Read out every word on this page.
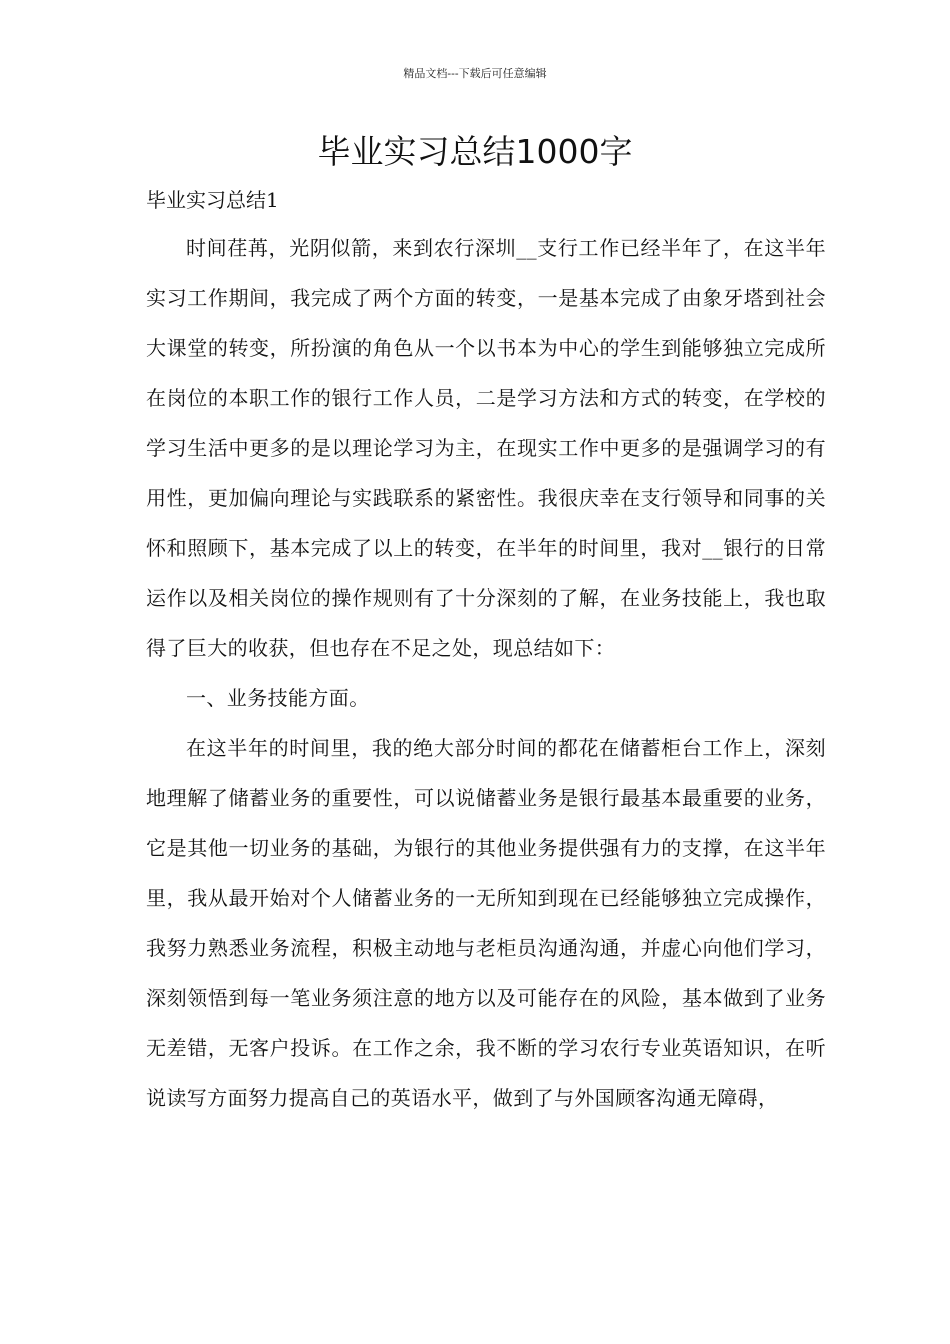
精品文档---下载后可任意编辑
毕业实习总结1000字
毕业实习总结1

时间荏苒，光阴似箭，来到农行深圳__支行工作已经半年了，在这半年实习工作期间，我完成了两个方面的转变，一是基本完成了由象牙塔到社会大课堂的转变，所扮演的角色从一个以书本为中心的学生到能够独立完成所在岗位的本职工作的银行工作人员，二是学习方法和方式的转变，在学校的学习生活中更多的是以理论学习为主，在现实工作中更多的是强调学习的有用性，更加偏向理论与实践联系的紧密性。我很庆幸在支行领导和同事的关怀和照顾下，基本完成了以上的转变，在半年的时间里，我对__银行的日常运作以及相关岗位的操作规则有了十分深刻的了解，在业务技能上，我也取得了巨大的收获，但也存在不足之处，现总结如下：

一、业务技能方面。

在这半年的时间里，我的绝大部分时间的都花在储蓄柜台工作上，深刻地理解了储蓄业务的重要性，可以说储蓄业务是银行最基本最重要的业务，它是其他一切业务的基础，为银行的其他业务提供强有力的支撑，在这半年里，我从最开始对个人储蓄业务的一无所知到现在已经能够独立完成操作，我努力熟悉业务流程，积极主动地与老柜员沟通沟通，并虚心向他们学习，深刻领悟到每一笔业务须注意的地方以及可能存在的风险，基本做到了业务无差错，无客户投诉。在工作之余，我不断的学习农行专业英语知识，在听说读写方面努力提高自己的英语水平，做到了与外国顾客沟通无障碍，
